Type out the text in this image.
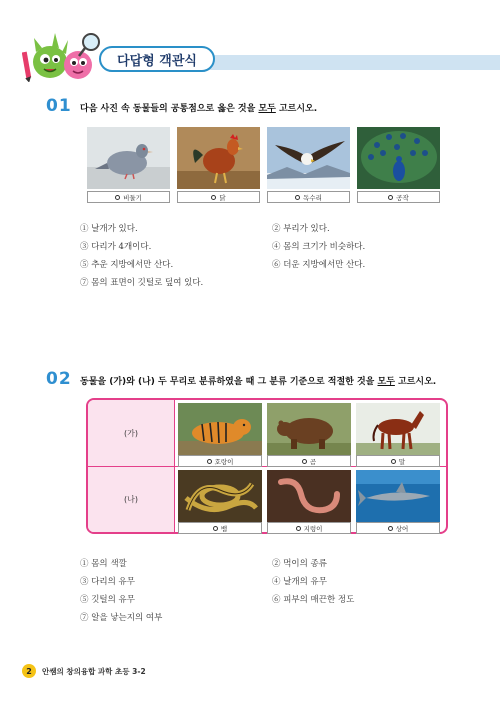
다답형 객관식
01 다음 사진 속 동물들의 공통점으로 옳은 것을 모두 고르시오.
비둘기	닭	독수리	공작
① 날개가 있다.	② 부리가 있다.
③ 다리가 4개이다.	④ 몸의 크기가 비슷하다.
⑤ 추운 지방에서만 산다.	⑥ 더운 지방에서만 산다.
⑦ 몸의 표면이 깃털로 덮여 있다.
02 동물을 (가)와 (나) 두 무리로 분류하였을 때 그 분류 기준으로 적절한 것을 모두 고르시오.
(가)
(나)
호랑이	곰	말
뱀	지렁이	상어
① 몸의 색깔	② 먹이의 종류
③ 다리의 유무	④ 날개의 유무
⑤ 깃털의 유무	⑥ 피부의 매끈한 정도
⑦ 알을 낳는지의 여부
2	안쌤의 창의융합 과학 초등 3-2
